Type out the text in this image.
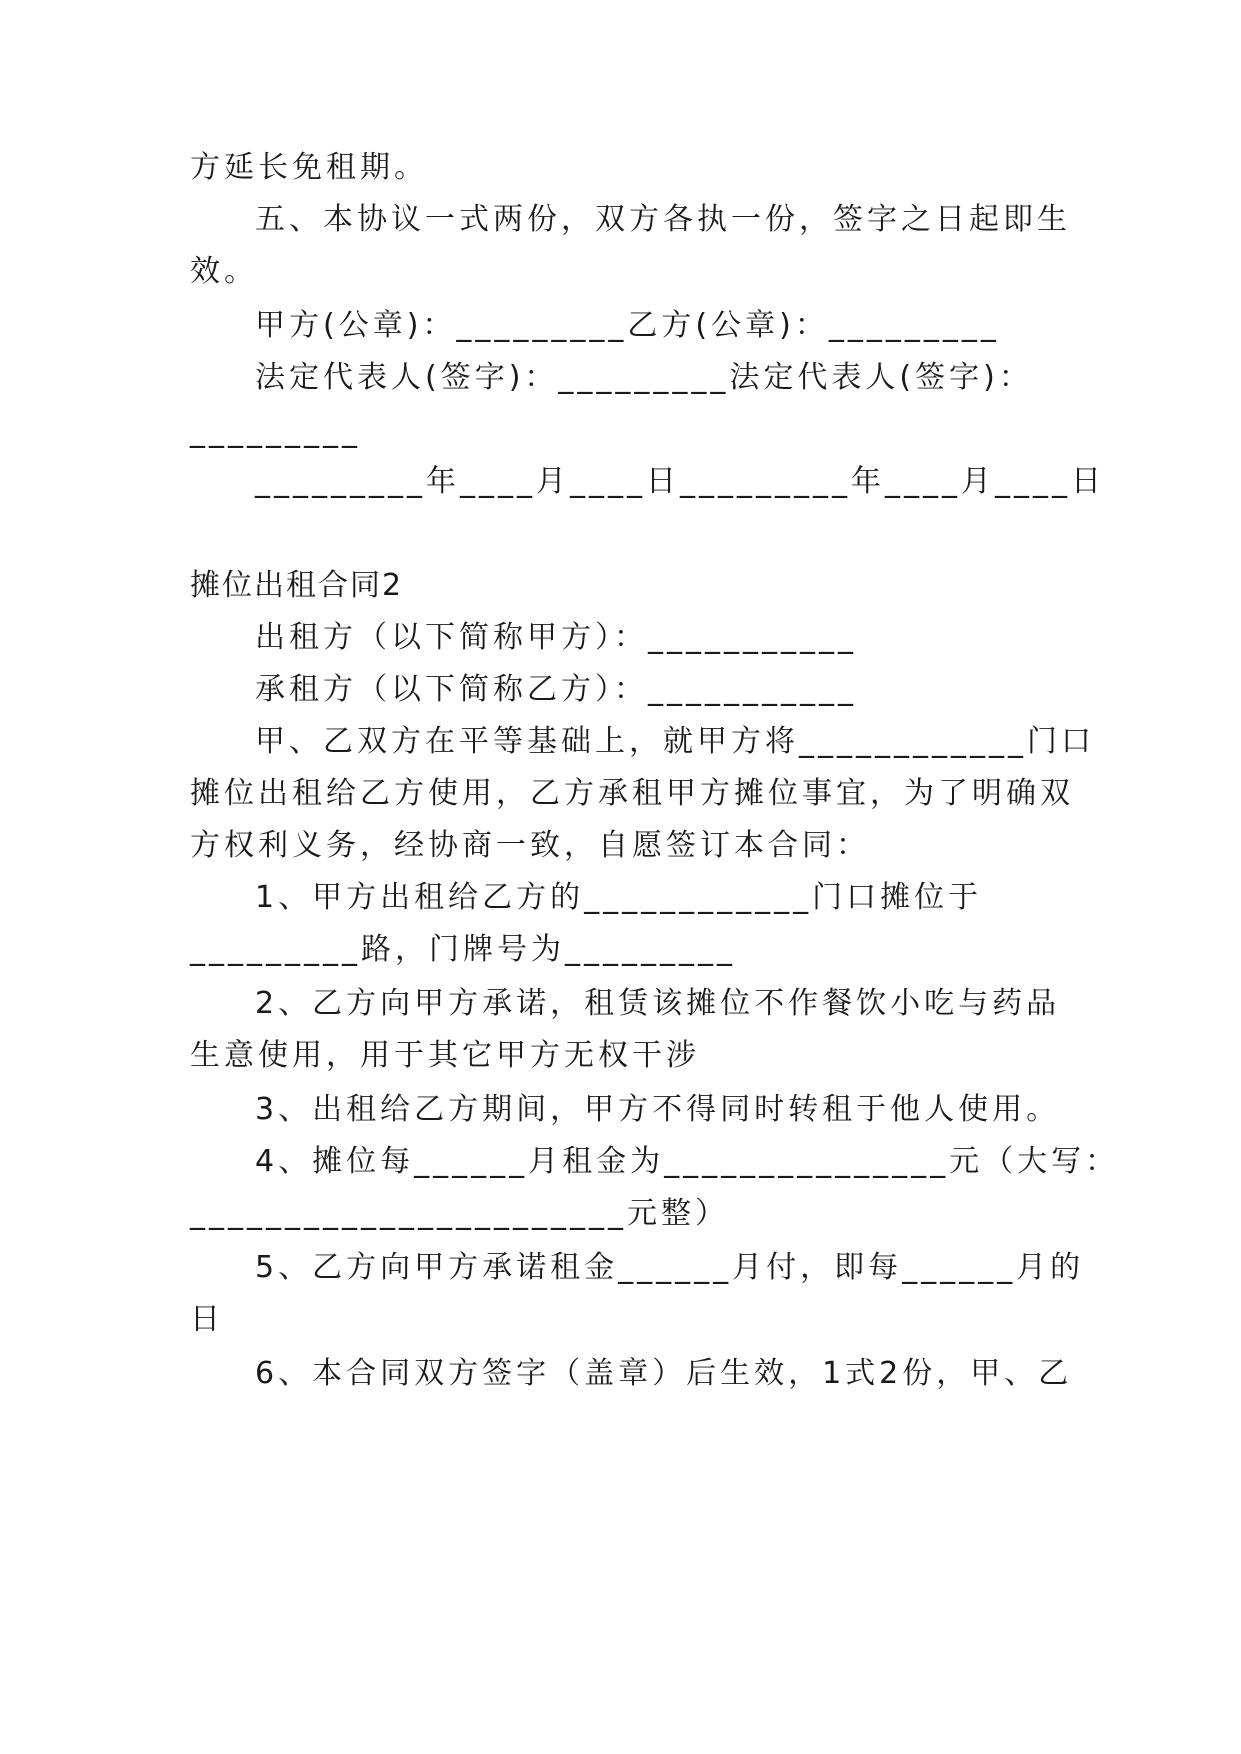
方延长免租期。
五、本协议一式两份，双方各执一份，签字之日起即生
效。
甲方(公章)：_________乙方(公章)：_________
法定代表人(签字)：_________法定代表人(签字)：
_________
_________年____月____日_________年____月____日
摊位出租合同2
出租方（以下简称甲方）：___________
承租方（以下简称乙方）：___________
甲、乙双方在平等基础上，就甲方将____________门口
摊位出租给乙方使用，乙方承租甲方摊位事宜，为了明确双
方权利义务，经协商一致，自愿签订本合同：
1、甲方出租给乙方的____________门口摊位于
_________路，门牌号为_________
2、乙方向甲方承诺，租赁该摊位不作餐饮小吃与药品
生意使用，用于其它甲方无权干涉
3、出租给乙方期间，甲方不得同时转租于他人使用。
4、摊位每______月租金为_______________元（大写：
_______________________元整）
5、乙方向甲方承诺租金______月付，即每______月的
日
6、本合同双方签字（盖章）后生效，1式2份，甲、乙
